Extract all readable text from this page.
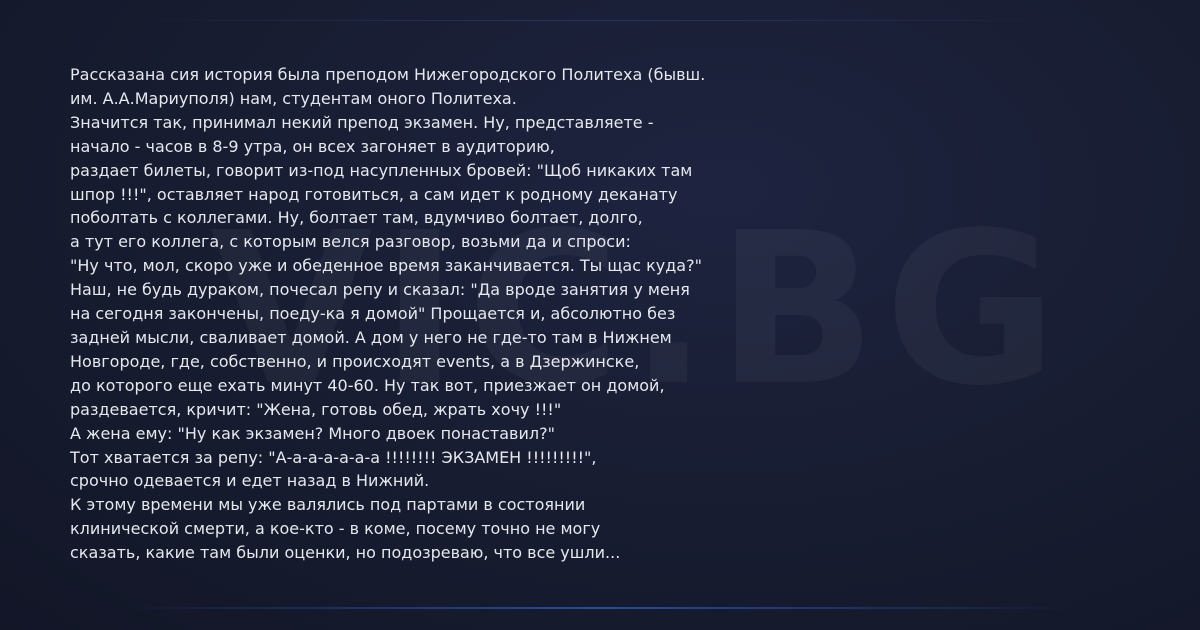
Рассказана сия история была преподом Нижегородского Политеха (бывш.
им. А.А.Мариуполя) нам, студентам оного Политеха.
Значится так, принимал некий препод экзамен. Ну, представляете -
начало - часов в 8-9 утра, он всех загоняет в аудиторию,
раздает билеты, говорит из-под насупленных бровей: "Щоб никаких там
шпор !!!", оставляет народ готовиться, а сам идет к родному деканату
поболтать с коллегами. Ну, болтает там, вдумчиво болтает, долго,
а тут его коллега, с которым велся разговор, возьми да и спроси:
"Ну что, мол, скоро уже и обеденное время заканчивается. Ты щас куда?"
Наш, не будь дураком, почесал репу и сказал: "Да вроде занятия у меня
на сегодня закончены, поеду-ка я домой" Прощается и, абсолютно без
задней мысли, сваливает домой. А дом у него не где-то там в Нижнем
Новгороде, где, собственно, и происходят events, а в Дзержинске,
до которого еще ехать минут 40-60. Ну так вот, приезжает он домой,
раздевается, кричит: "Жена, готовь обед, жрать хочу !!!"
А жена ему: "Ну как экзамен? Много двоек понаставил?"
Тот хватается за репу: "А-а-а-а-а-а-а !!!!!!!! ЭКЗАМЕН !!!!!!!!!",
срочно одевается и едет назад в Нижний.
К этому времени мы уже валялись под партами в состоянии
клинической смерти, а кое-кто - в коме, посему точно не могу
сказать, какие там были оценки, но подозреваю, что все ушли...
